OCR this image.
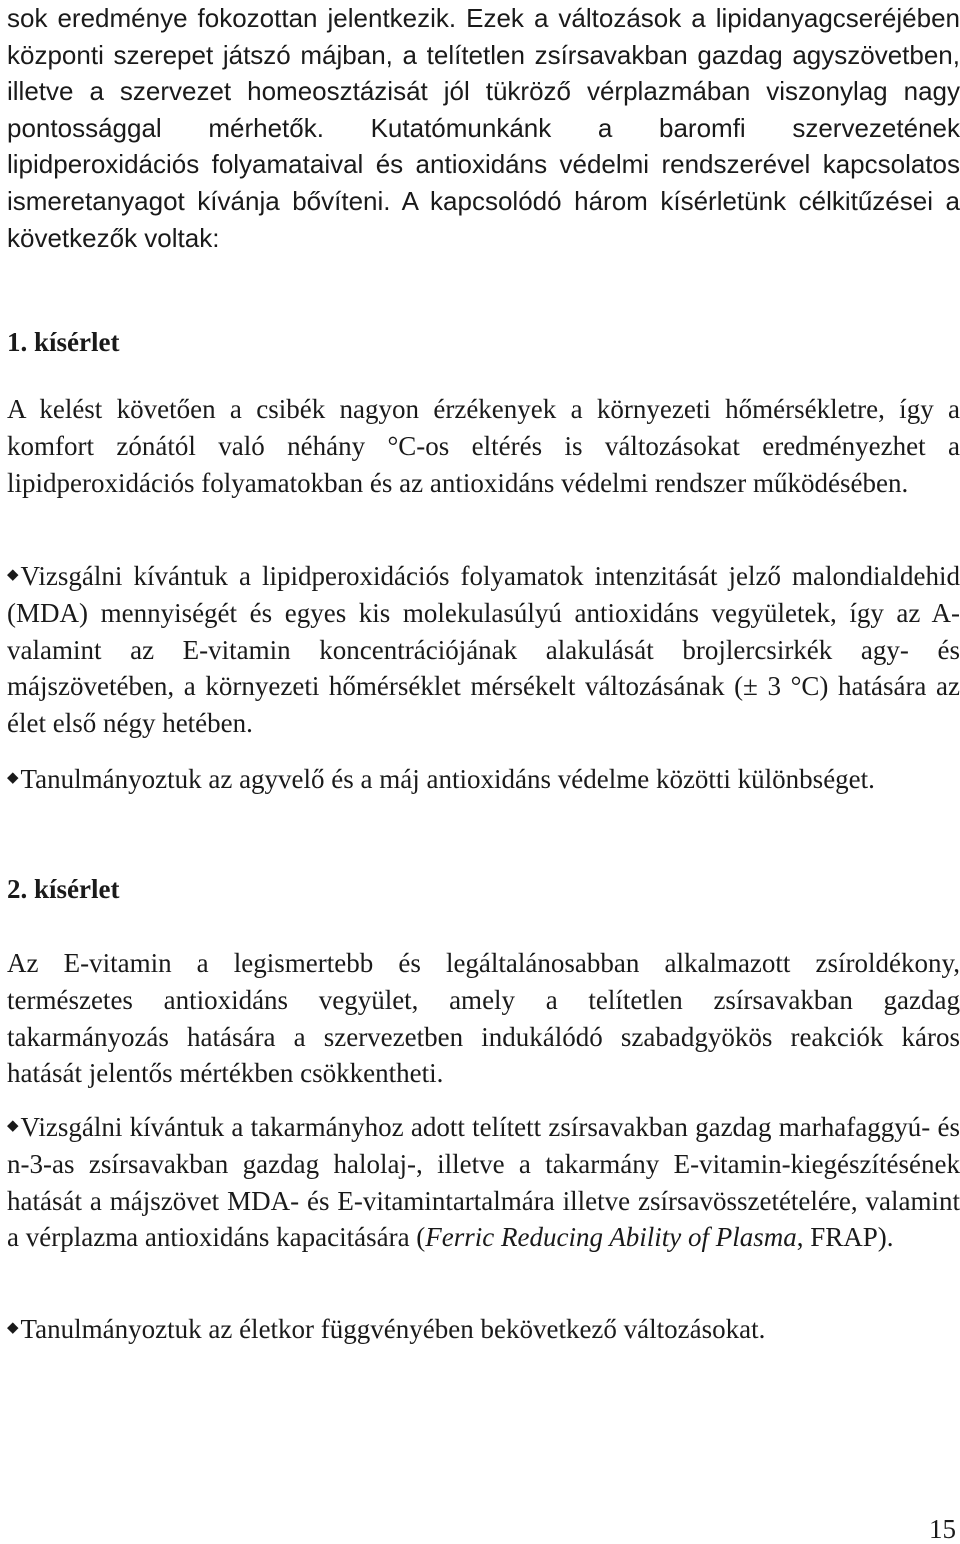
sok eredménye fokozottan jelentkezik. Ezek a változások a lipidanyagcseréjében központi szerepet játszó májban, a telítetlen zsírsavakban gazdag agyszövetben, illetve a szervezet homeosztázisát jól tükröző vérplazmában viszonylag nagy pontossággal mérhetők. Kutatómunkánk a baromfi szervezetének lipidperoxidációs folyamataival és antioxidáns védelmi rendszerével kapcsolatos ismeretanyagot kívánja bővíteni. A kapcsolódó három kísérletünk célkitűzései a következők voltak:

1. kísérlet

A kelést követően a csibék nagyon érzékenyek a környezeti hőmérsékletre, így a komfort zónától való néhány °C-os eltérés is változásokat eredményezhet a lipidperoxidációs folyamatokban és az antioxidáns védelmi rendszer működésében.

◆Vizsgálni kívántuk a lipidperoxidációs folyamatok intenzitását jelző malondialdehid (MDA) mennyiségét és egyes kis molekulasúlyú antioxidáns vegyületek, így az A- valamint az E-vitamin koncentrációjának alakulását brojlercsirkék agy- és májszövetében, a környezeti hőmérséklet mérsékelt változásának (± 3 °C) hatására az élet első négy hetében.

◆Tanulmányoztuk az agyvelő és a máj antioxidáns védelme közötti különbséget.

2. kísérlet

Az E-vitamin a legismertebb és legáltalánosabban alkalmazott zsíroldékony, természetes antioxidáns vegyület, amely a telítetlen zsírsavakban gazdag takarmányozás hatására a szervezetben indukálódó szabadgyökös reakciók káros hatását jelentős mértékben csökkentheti.

◆Vizsgálni kívántuk a takarmányhoz adott telített zsírsavakban gazdag marhafaggyú- és n-3-as zsírsavakban gazdag halolaj-, illetve a takarmány E-vitamin-kiegészítésének hatását a májszövet MDA- és E-vitamintartalmára illetve zsírsavösszetételére, valamint a vérplazma antioxidáns kapacitására (Ferric Reducing Ability of Plasma, FRAP).

◆Tanulmányoztuk az életkor függvényében bekövetkező változásokat.

15
